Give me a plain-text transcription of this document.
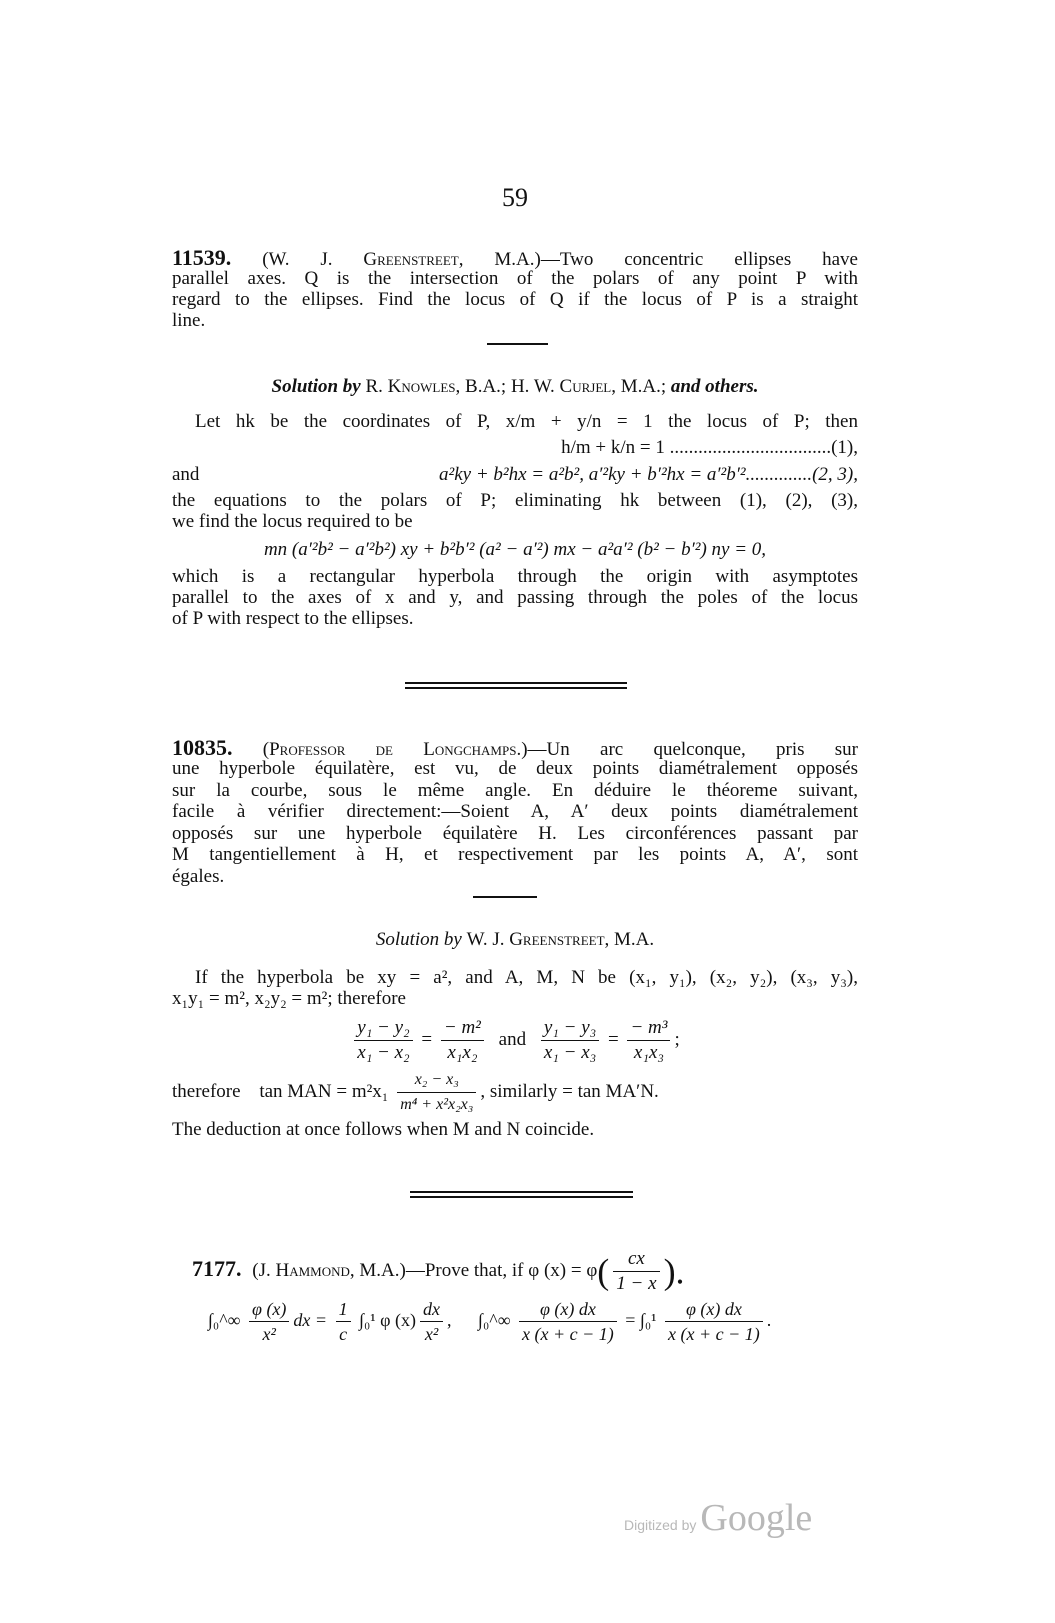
59
11539. (W. J. Greenstreet, M.A.)—Two concentric ellipses have
parallel axes. Q is the intersection of the polars of any point P with
regard to the ellipses. Find the locus of Q if the locus of P is a straight
line.
Solution by R. Knowles, B.A.; H. W. Curjel, M.A.; and others.
Let hk be the coordinates of P, x/m + y/n = 1 the locus of P; then
h/m + k/n = 1 ..................................(1),
and	a²ky + b²hx = a²b², a′²ky + b′²hx = a′²b′²..............(2, 3),
the equations to the polars of P; eliminating hk between (1), (2), (3),
we find the locus required to be
mn (a′²b² − a′²b²) xy + b²b′² (a² − a′²) mx − a²a′² (b² − b′²) ny = 0,
which is a rectangular hyperbola through the origin with asymptotes
parallel to the axes of x and y, and passing through the poles of the locus
of P with respect to the ellipses.
10835. (Professor de Longchamps.)—Un arc quelconque, pris sur
une hyperbole équilatère, est vu, de deux points diamétralement opposés
sur la courbe, sous le même angle. En déduire le théoreme suivant,
facile à vérifier directement:—Soient A, A′ deux points diamétralement
opposés sur une hyperbole équilatère H. Les circonférences passant par
M tangentiellement à H, et respectivement par les points A, A′, sont
égales.
Solution by W. J. Greenstreet, M.A.
If the hyperbola be xy = a², and A, M, N be (x₁, y₁), (x₂, y₂), (x₃, y₃),
x₁y₁ = m², x₂y₂ = m²; therefore
$\frac{\text{y₁ − y₂}}{\text{x₁ − x₂}} = \frac{\text{− m²}}{\text{x₁x₂}}$ and $\frac{\text{y₁ − y₃}}{\text{x₁ − x₃}} = \frac{\text{− m³}}{\text{x₁x₃}}$ ;
therefore tan MAN = $m^2x_1 \frac{\text{x₂ − x₃}}{\text{m⁴ + x²x₂x₃}}$ , similarly = tan MA′N.
The deduction at once follows when M and N coincide.
7177. (J. Hammond, M.A.)—Prove that, if φ $(x) = \varphi( \frac{cx}{1 - x}$ ).
∫₀^∞ $\frac{\varphi (x)}{\text{x²}}$ dx = $\frac{1}{c} \int_0^1$ φ $(x) \frac{dx}{\text{x²}}$ , ∫₀^∞ $\frac{\varphi (x) dx}{x (x + c - 1)} = \int_0^1 \frac{\varphi (x) dx}{x (x + c - 1)}$ .
Digitized by Google
